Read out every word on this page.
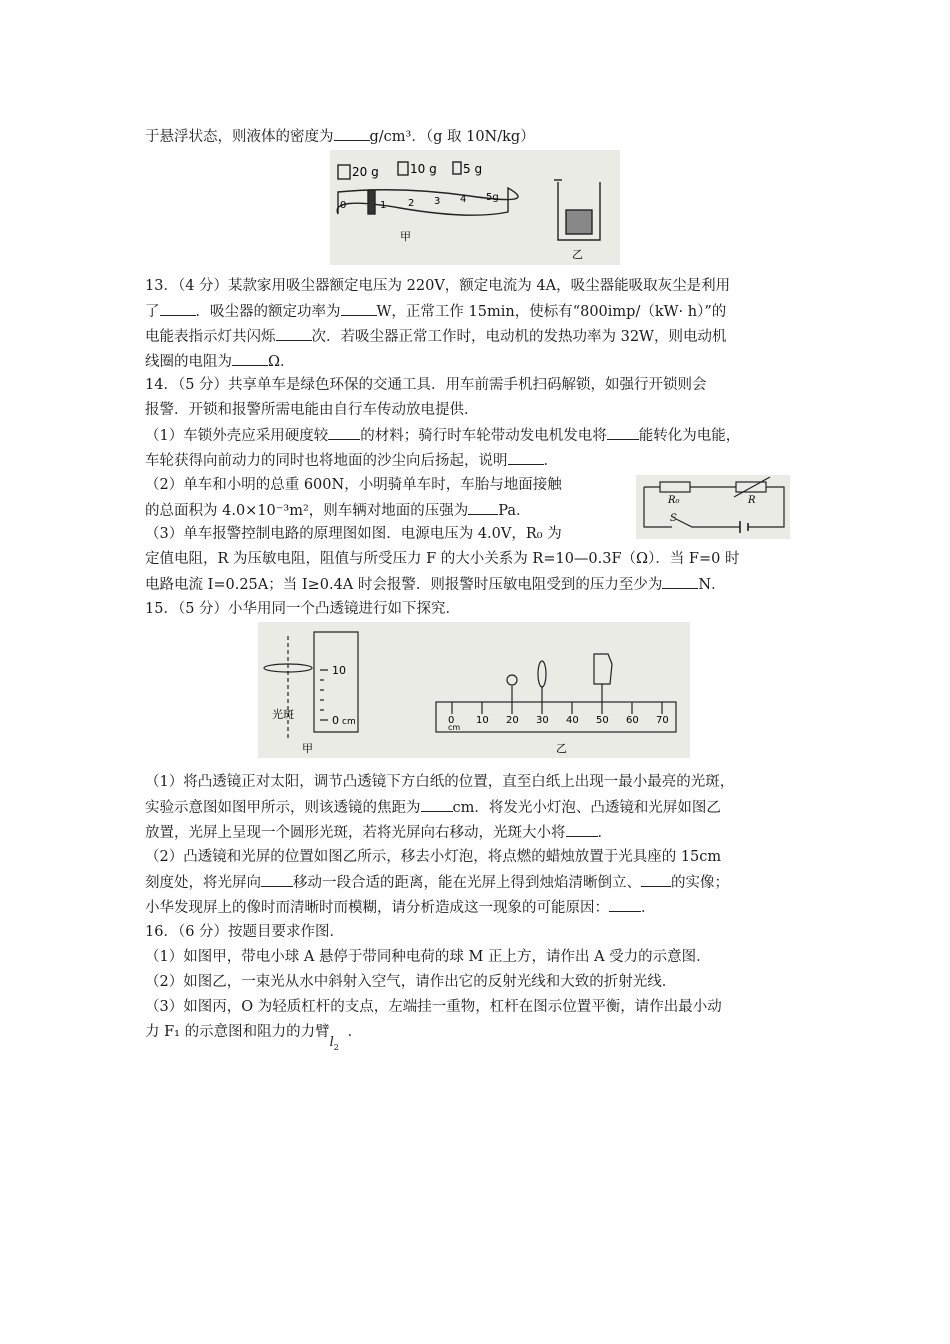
于悬浮状态，则液体的密度为 g/cm³．（g 取 10N/kg）
20 g	10 g 5 g
0	1 2 3 4 5g
甲
乙
13．（4 分）某款家用吸尘器额定电压为 220V，额定电流为 4A，吸尘器能吸取灰尘是利用
了 ．吸尘器的额定功率为 W，正常工作 15min，使标有“800imp/（kW· h）”的
电能表指示灯共闪烁 次．若吸尘器正常工作时，电动机的发热功率为 32W，则电动机
线圈的电阻为 Ω．
14．（5 分）共享单车是绿色环保的交通工具．用车前需手机扫码解锁，如强行开锁则会
报警．开锁和报警所需电能由自行车传动放电提供．
（1）车锁外壳应采用硬度较 的材料；骑行时车轮带动发电机发电将 能转化为电能，
车轮获得向前动力的同时也将地面的沙尘向后扬起，说明 ．
（2）单车和小明的总重 600N，小明骑单车时，车胎与地面接触
的总面积为 4.0×10⁻³m²，则车辆对地面的压强为 Pa．
R₀	R
S
（3）单车报警控制电路的原理图如图．电源电压为 4.0V，R₀ 为
定值电阻，R 为压敏电阻，阻值与所受压力 F 的大小关系为 R=10—0.3F（Ω）．当 F=0 时
电路电流 I=0.25A；当 I≥0.4A 时会报警．则报警时压敏电阻受到的压力至少为 N．
15．（5 分）小华用同一个凸透镜进行如下探究．
10
0 cm
光斑	0 10 20 30 40 50 60 70
cm
甲	乙
（1）将凸透镜正对太阳，调节凸透镜下方白纸的位置，直至白纸上出现一最小最亮的光斑，
实验示意图如图甲所示，则该透镜的焦距为 cm．将发光小灯泡、凸透镜和光屏如图乙
放置，光屏上呈现一个圆形光斑，若将光屏向右移动，光斑大小将 ．
（2）凸透镜和光屏的位置如图乙所示，移去小灯泡，将点燃的蜡烛放置于光具座的 15cm
刻度处，将光屏向 移动一段合适的距离，能在光屏上得到烛焰清晰倒立、 的实像；
小华发现屏上的像时而清晰时而模糊，请分析造成这一现象的可能原因： ．
16．（6 分）按题目要求作图．
（1）如图甲，带电小球 A 悬停于带同种电荷的球 M 正上方，请作出 A 受力的示意图．
（2）如图乙，一束光从水中斜射入空气，请作出它的反射光线和大致的折射光线．
（3）如图丙，O 为轻质杠杆的支点，左端挂一重物，杠杆在图示位置平衡，请作出最小动
力 F₁ 的示意图和阻力的力臂$l_2$．
